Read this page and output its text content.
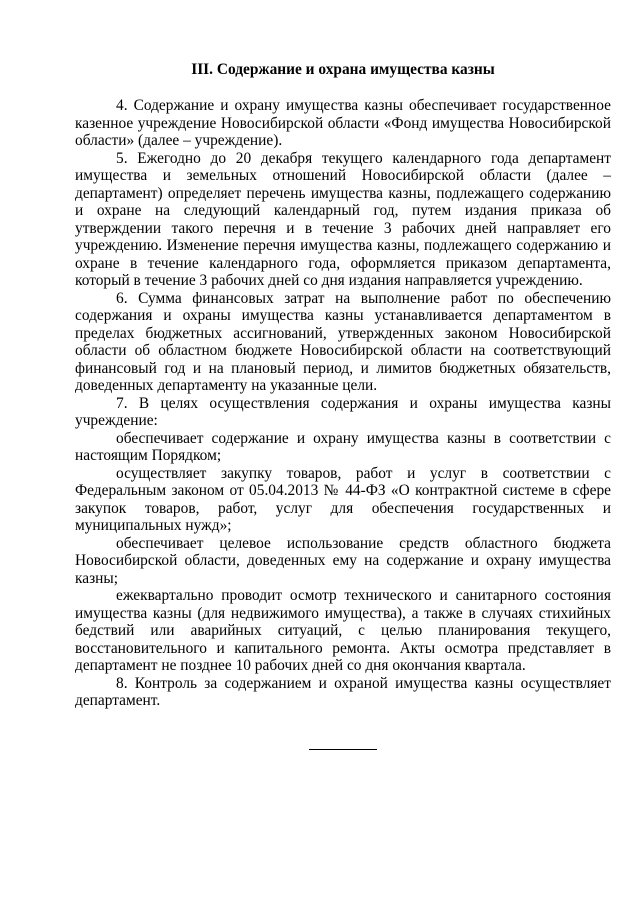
III. Содержание и охрана имущества казны

4. Содержание и охрану имущества казны обеспечивает государственное казенное учреждение Новосибирской области «Фонд имущества Новосибирской области» (далее – учреждение).

5. Ежегодно до 20 декабря текущего календарного года департамент имущества и земельных отношений Новосибирской области (далее – департамент) определяет перечень имущества казны, подлежащего содержанию и охране на следующий календарный год, путем издания приказа об утверждении такого перечня и в течение 3 рабочих дней направляет его учреждению. Изменение перечня имущества казны, подлежащего содержанию и охране в течение календарного года, оформляется приказом департамента, который в течение 3 рабочих дней со дня издания направляется учреждению.

6. Сумма финансовых затрат на выполнение работ по обеспечению содержания и охраны имущества казны устанавливается департаментом в пределах бюджетных ассигнований, утвержденных законом Новосибирской области об областном бюджете Новосибирской области на соответствующий финансовый год и на плановый период, и лимитов бюджетных обязательств, доведенных департаменту на указанные цели.

7. В целях осуществления содержания и охраны имущества казны учреждение:

обеспечивает содержание и охрану имущества казны в соответствии с настоящим Порядком;

осуществляет закупку товаров, работ и услуг в соответствии с Федеральным законом от 05.04.2013 № 44-ФЗ «О контрактной системе в сфере закупок товаров, работ, услуг для обеспечения государственных и муниципальных нужд»;

обеспечивает целевое использование средств областного бюджета Новосибирской области, доведенных ему на содержание и охрану имущества казны;

ежеквартально проводит осмотр технического и санитарного состояния имущества казны (для недвижимого имущества), а также в случаях стихийных бедствий или аварийных ситуаций, с целью планирования текущего, восстановительного и капитального ремонта. Акты осмотра представляет в департамент не позднее 10 рабочих дней со дня окончания квартала.

8. Контроль за содержанием и охраной имущества казны осуществляет департамент.
